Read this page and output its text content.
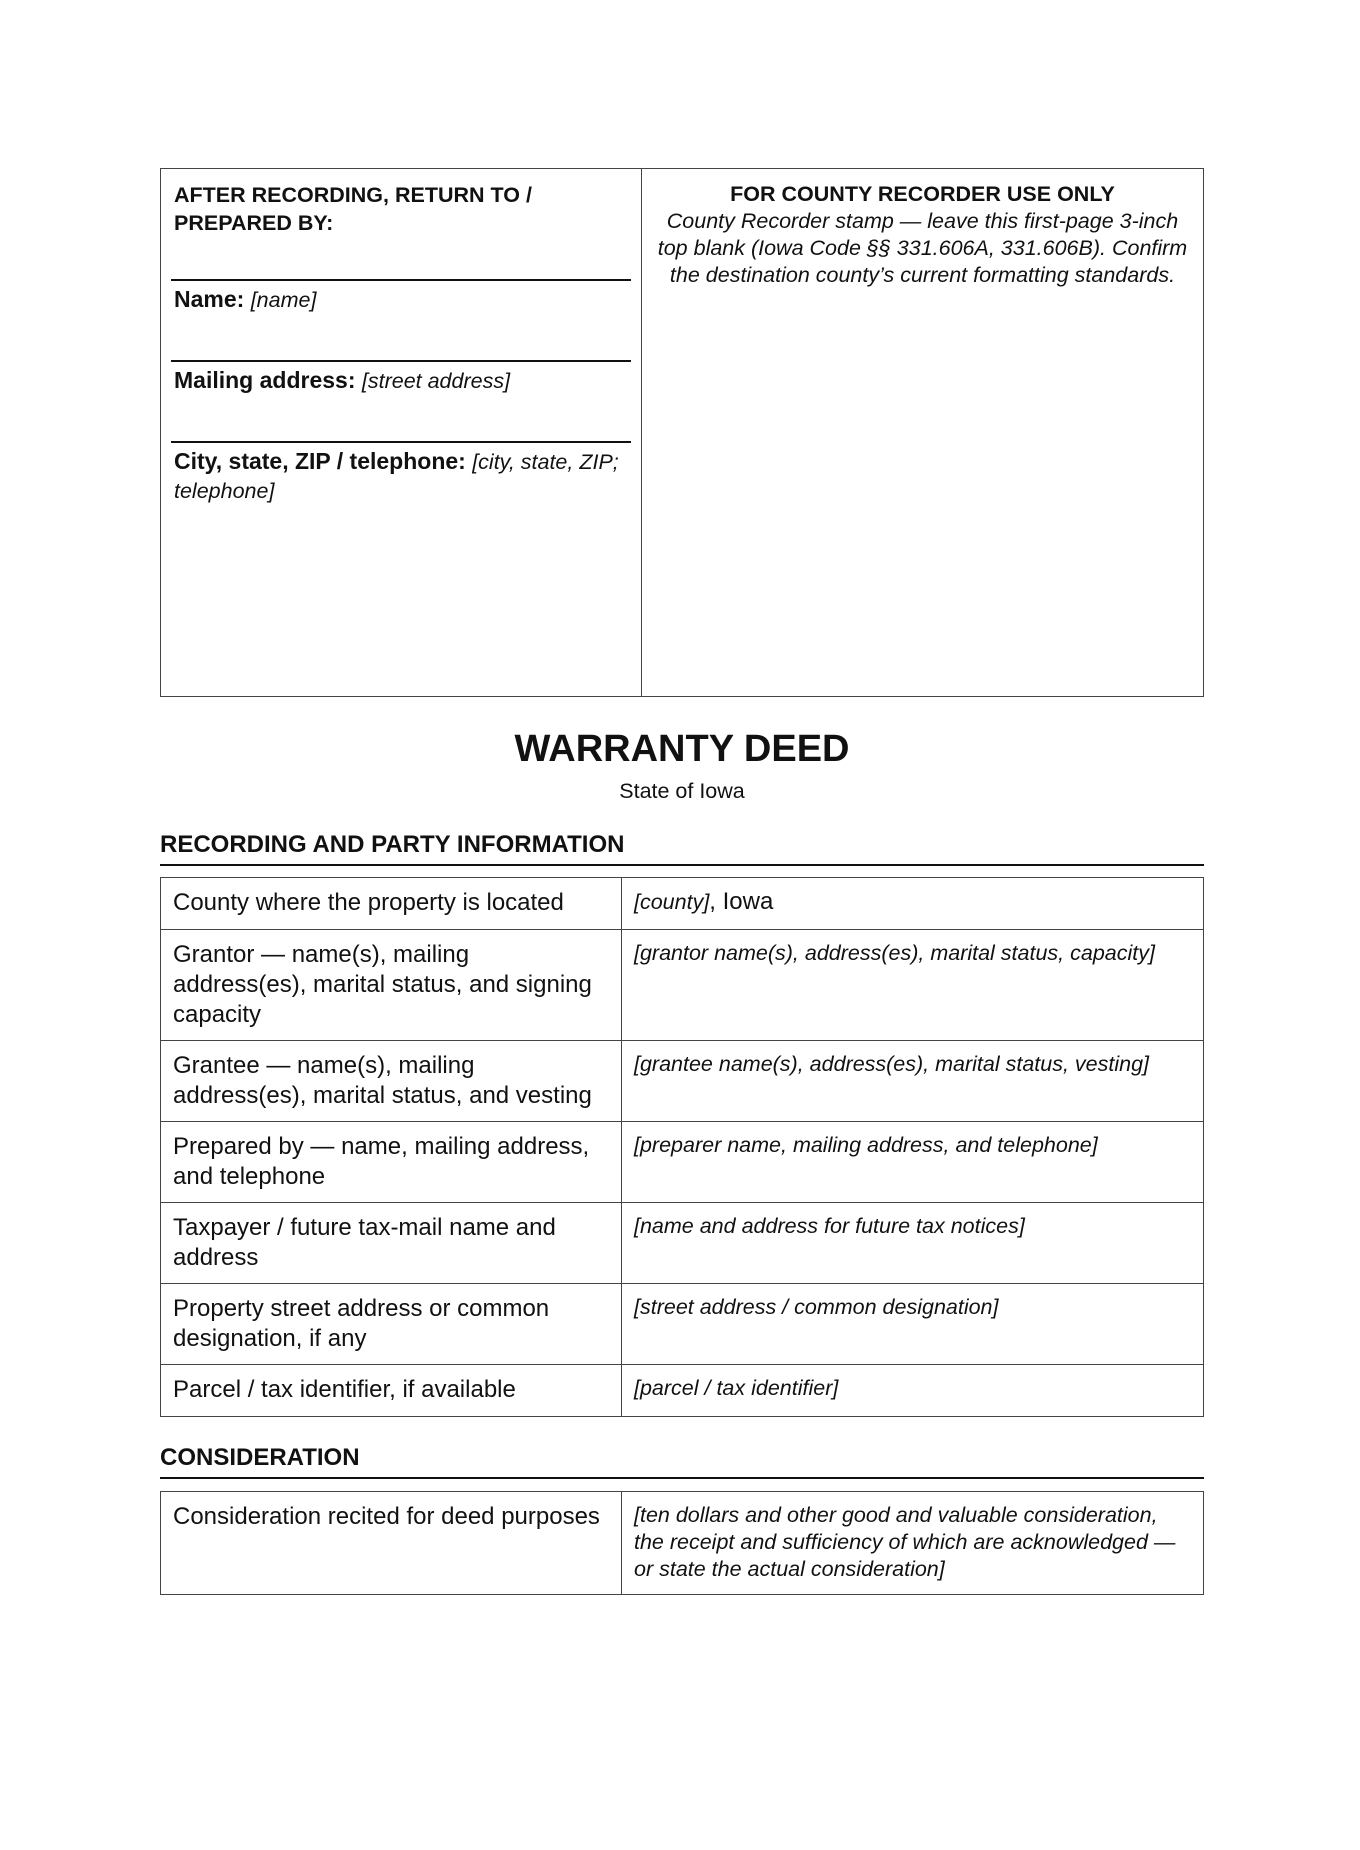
AFTER RECORDING, RETURN TO / PREPARED BY:
Name: [name]
Mailing address: [street address]
City, state, ZIP / telephone: [city, state, ZIP; telephone]
FOR COUNTY RECORDER USE ONLY
County Recorder stamp — leave this first-page 3-inch top blank (Iowa Code §§ 331.606A, 331.606B). Confirm the destination county’s current formatting standards.
WARRANTY DEED
State of Iowa
RECORDING AND PARTY INFORMATION
County where the property is located	[county], Iowa
Grantor — name(s), mailing address(es), marital status, and signing capacity	[grantor name(s), address(es), marital status, capacity]
Grantee — name(s), mailing address(es), marital status, and vesting	[grantee name(s), address(es), marital status, vesting]
Prepared by — name, mailing address, and telephone	[preparer name, mailing address, and telephone]
Taxpayer / future tax-mail name and address	[name and address for future tax notices]
Property street address or common designation, if any	[street address / common designation]
Parcel / tax identifier, if available	[parcel / tax identifier]
CONSIDERATION
Consideration recited for deed purposes	[ten dollars and other good and valuable consideration, the receipt and sufficiency of which are acknowledged — or state the actual consideration]
